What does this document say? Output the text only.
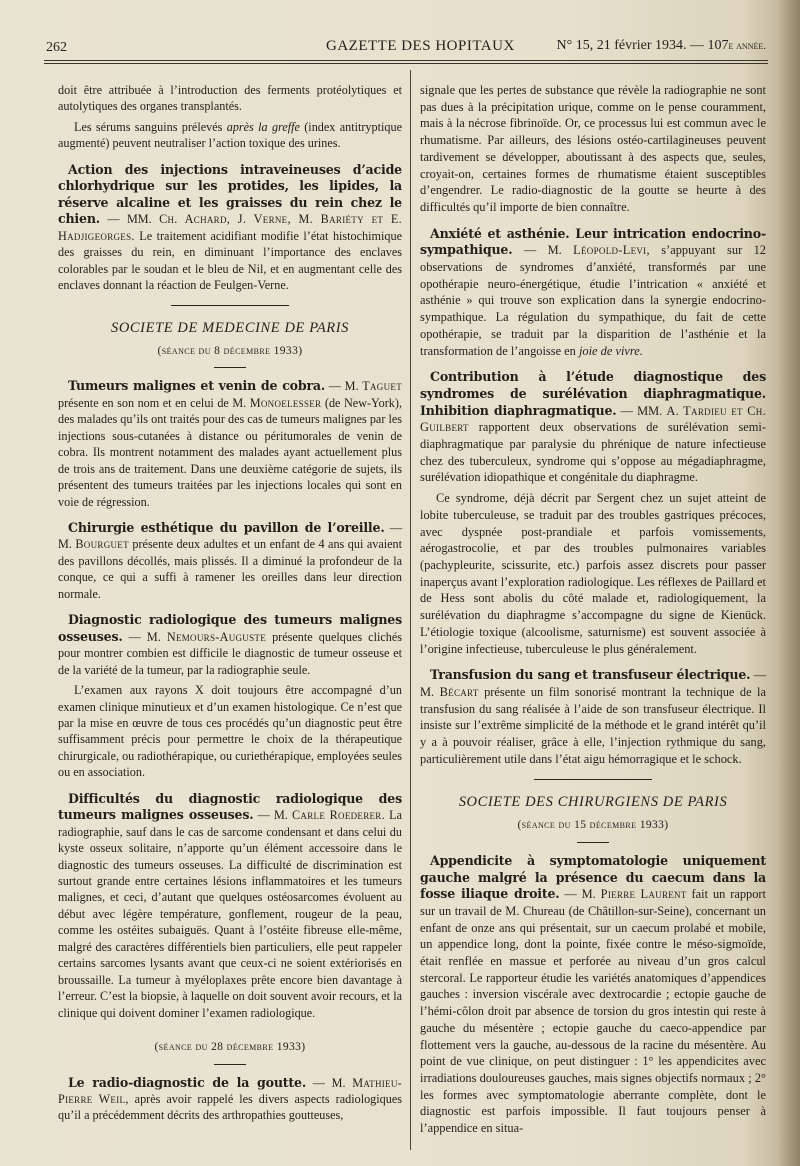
262	GAZETTE DES HOPITAUX	N° 15, 21 février 1934. — 107e année.

doit être attribuée à l’introduction des ferments protéolytiques et autolytiques des organes transplantés.

Les sérums sanguins prélevés après la greffe (index antitryptique augmenté) peuvent neutraliser l’action toxique des urines.

Action des injections intraveineuses d’acide chlorhydrique sur les protides, les lipides, la réserve alcaline et les graisses du rein chez le chien. — MM. Ch. Achard, J. Verne, M. Bariéty et E. Hadjigeorges. Le traitement acidifiant modifie l’état histochimique des graisses du rein, en diminuant l’importance des enclaves colorables par le soudan et le bleu de Nil, et en augmentant celle des enclaves donnant la réaction de Feulgen-Verne.

SOCIETE DE MEDECINE DE PARIS
(séance du 8 décembre 1933)

Tumeurs malignes et venin de cobra. — M. Taguet présente en son nom et en celui de M. Monoelesser (de New-York), des malades qu’ils ont traités pour des cas de tumeurs malignes par les injections sous-cutanées à distance ou péritumorales de venin de cobra. Ils montrent notamment des malades ayant actuellement plus de trois ans de traitement. Dans une deuxième catégorie de sujets, ils présentent des tumeurs traitées par les injections locales qui sont en voie de régression.

Chirurgie esthétique du pavillon de l’oreille. — M. Bourguet présente deux adultes et un enfant de 4 ans qui avaient des pavillons décollés, mais plissés. Il a diminué la profondeur de la conque, ce qui a suffi à ramener les oreilles dans leur direction normale.

Diagnostic radiologique des tumeurs malignes osseuses. — M. Nemours-Auguste présente quelques clichés pour montrer combien est difficile le diagnostic de tumeur osseuse et de la variété de la tumeur, par la radiographie seule.

L’examen aux rayons X doit toujours être accompagné d’un examen clinique minutieux et d’un examen histologique. Ce n’est que par la mise en œuvre de tous ces procédés qu’un diagnostic peut être suffisamment précis pour permettre le choix de la thérapeutique chirurgicale, ou radiothérapique, ou curiethérapique, employées seules ou en association.

Difficultés du diagnostic radiologique des tumeurs malignes osseuses. — M. Carle Roederer. La radiographie, sauf dans le cas de sarcome condensant et dans celui du kyste osseux solitaire, n’apporte qu’un élément accessoire dans le diagnostic des tumeurs osseuses. La difficulté de discrimination est surtout grande entre certaines lésions inflammatoires et les tumeurs malignes, et ceci, d’autant que quelques ostéosarcomes évoluent au début avec légère température, gonflement, rougeur de la peau, comme les ostéites subaiguës. Quant à l’ostéite fibreuse elle-même, malgré des caractères différentiels bien particuliers, elle peut rappeler certains sarcomes lysants avant que ceux-ci ne soient extériorisés en broussaille. La tumeur à myéloplaxes prête encore bien davantage à l’erreur. C’est la biopsie, à laquelle on doit souvent avoir recours, et la clinique qui doivent dominer l’examen radiologique.

(séance du 28 décembre 1933)

Le radio-diagnostic de la goutte. — M. Mathieu-Pierre Weil, après avoir rappelé les divers aspects radiologiques qu’il a précédemment décrits des arthropathies goutteuses,

signale que les pertes de substance que révèle la radiographie ne sont pas dues à la précipitation urique, comme on le pense couramment, mais à la nécrose fibrinoïde. Or, ce processus lui est commun avec le rhumatisme. Par ailleurs, des lésions ostéo-cartilagineuses peuvent tardivement se développer, aboutissant à des aspects que, seules, croyait-on, certaines formes de rhumatisme étaient susceptibles d’engendrer. Le radio-diagnostic de la goutte se heurte à des difficultés qu’il importe de bien connaître.

Anxiété et asthénie. Leur intrication endocrino-sympathique. — M. Léopold-Levi, s’appuyant sur 12 observations de syndromes d’anxiété, transformés par une opothérapie neuro-énergétique, étudie l’intrication « anxiété et asthénie » qui trouve son explication dans la synergie endocrino-sympathique. La régulation du sympathique, du fait de cette opothérapie, se traduit par la disparition de l’asthénie et la transformation de l’angoisse en joie de vivre.

Contribution à l’étude diagnostique des syndromes de surélévation diaphragmatique. Inhibition diaphragmatique. — MM. A. Tardieu et Ch. Guilbert rapportent deux observations de surélévation semi-diaphragmatique par paralysie du phrénique de nature infectieuse chez des tuberculeux, syndrome qui s’oppose au mégadiaphragme, surélévation idiopathique et congénitale du diaphragme.

Ce syndrome, déjà décrit par Sergent chez un sujet atteint de lobite tuberculeuse, se traduit par des troubles gastriques précoces, avec dyspnée post-prandiale et parfois vomissements, aérogastrocolie, et par des troubles pulmonaires variables (pachypleurite, scissurite, etc.) parfois assez discrets pour passer inaperçus avant l’exploration radiologique. Les réflexes de Paillard et de Hess sont abolis du côté malade et, radiologiquement, la surélévation du diaphragme s’accompagne du signe de Kienück. L’étiologie toxique (alcoolisme, saturnisme) est souvent associée à l’origine infectieuse, tuberculeuse le plus généralement.

Transfusion du sang et transfuseur électrique. — M. Bécart présente un film sonorisé montrant la technique de la transfusion du sang réalisée à l’aide de son transfuseur électrique. Il insiste sur l’extrême simplicité de la méthode et le grand intérêt qu’il y a à pouvoir réaliser, grâce à elle, l’injection rythmique du sang, particulièrement utile dans l’état aigu hémorragique et le schock.

SOCIETE DES CHIRURGIENS DE PARIS
(séance du 15 décembre 1933)

Appendicite à symptomatologie uniquement gauche malgré la présence du caecum dans la fosse iliaque droite. — M. Pierre Laurent fait un rapport sur un travail de M. Chureau (de Châtillon-sur-Seine), concernant un enfant de onze ans qui présentait, sur un caecum prolabé et mobile, un appendice long, dont la pointe, fixée contre le méso-sigmoïde, était renflée en massue et perforée au niveau d’un gros calcul stercoral. Le rapporteur étudie les variétés anatomiques d’appendices gauches : inversion viscérale avec dextrocardie ; ectopie gauche de l’hémi-côlon droit par absence de torsion du gros intestin qui reste à gauche du mésentère ; ectopie gauche du caeco-appendice par flottement vers la gauche, au-dessous de la racine du mésentère. Au point de vue clinique, on peut distinguer : 1° les appendicites avec irradiations douloureuses gauches, mais signes objectifs normaux ; 2° les formes avec symptomatologie aberrante complète, dont le diagnostic est parfois impossible. Il faut toujours penser à l’appendice en situa-
